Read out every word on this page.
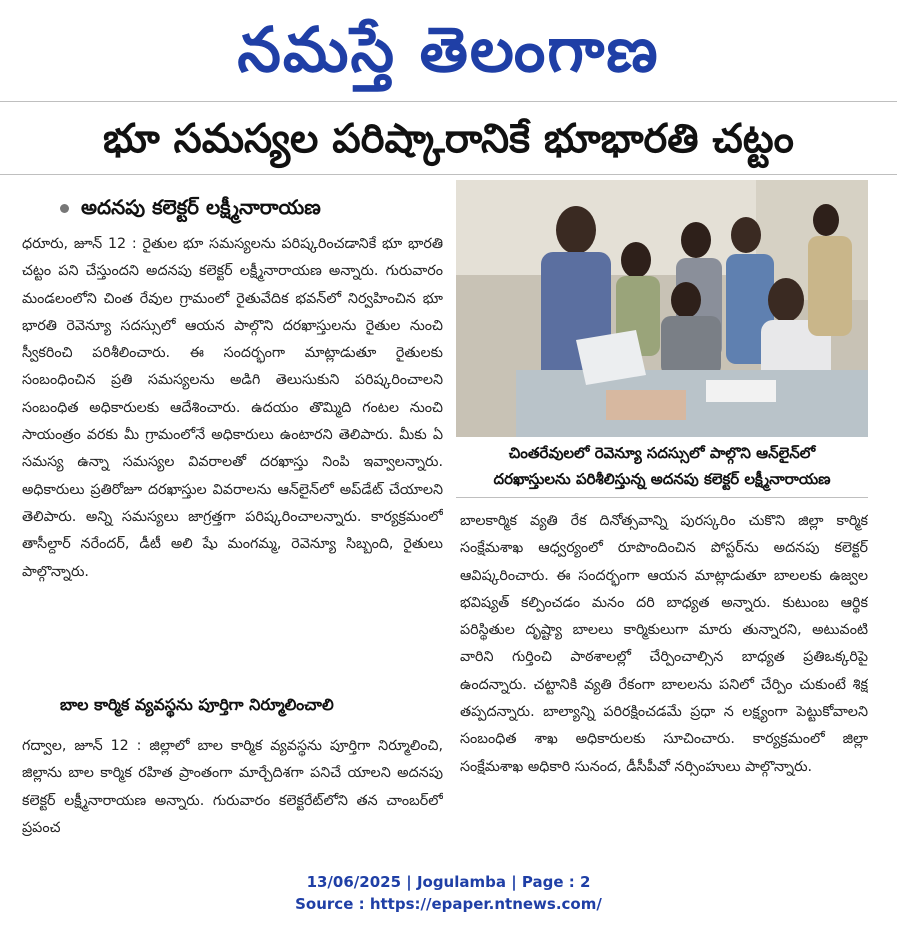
నమస్తే తెలంగాణ
భూ సమస్యల పరిష్కారానికే భూభారతి చట్టం
అదనపు కలెక్టర్ లక్ష్మీనారాయణ
ధరూరు, జూన్ 12 : రైతుల భూ సమస్యలను పరిష్కరించడానికే భూ భారతి చట్టం పని చేస్తుందని అదనపు కలెక్టర్ లక్ష్మీనారాయణ అన్నారు. గురువారం మండలంలోని చింత రేవుల గ్రామంలో రైతువేదిక భవన్‌లో నిర్వహించిన భూ భారతి రెవెన్యూ సదస్సులో ఆయన పాల్గొని దరఖాస్తులను రైతుల నుంచి స్వీకరించి పరిశీలించారు. ఈ సందర్భంగా మాట్లాడుతూ రైతులకు సంబంధించిన ప్రతి సమస్యలను అడిగి తెలుసుకుని పరిష్కరించాలని సంబంధిత అధికారులకు ఆదేశించారు. ఉదయం తొమ్మిది గంటల నుంచి సాయంత్రం వరకు మీ గ్రామంలోనే అధికారులు ఉంటారని తెలిపారు. మీకు ఏ సమస్య ఉన్నా సమస్యల వివరాలతో దరఖాస్తు నింపి ఇవ్వాలన్నారు. అధికారులు ప్రతిరోజూ దరఖాస్తుల వివరాలను ఆన్‌లైన్‌లో అప్‌డేట్ చేయాలని తెలిపారు. అన్ని సమస్యలు జాగ్రత్తగా పరిష్కరించాలన్నారు. కార్యక్రమంలో తాసీల్దార్ నరేందర్, డీటీ అలి షేు మంగమ్మ, రెవెన్యూ సిబ్బంది, రైతులు పాల్గొన్నారు.
బాల కార్మిక వ్యవస్థను పూర్తిగా నిర్మూలించాలి
గద్వాల, జూన్ 12 : జిల్లాలో బాల కార్మిక వ్యవస్థను పూర్తిగా నిర్మూలించి, జిల్లాను బాల కార్మిక రహిత ప్రాంతంగా మార్చేదిశగా పనిచే యాలని అదనపు కలెక్టర్ లక్ష్మీనారాయణ అన్నారు. గురువారం కలెక్టరేట్‌లోని తన చాంబర్‌లో ప్రపంచ
చింతరేవులలో రెవెన్యూ సదస్సులో పాల్గొని ఆన్‌లైన్‌లో
దరఖాస్తులను పరిశీలిస్తున్న అదనపు కలెక్టర్ లక్ష్మీనారాయణ
బాలకార్మిక వ్యతి రేక దినోత్సవాన్ని పురస్కరిం చుకొని జిల్లా కార్మిక సంక్షేమశాఖ ఆధ్వర్యంలో రూపొందించిన పోస్టర్‌ను అదనపు కలెక్టర్ ఆవిష్కరించారు. ఈ సందర్భంగా ఆయన మాట్లాడుతూ బాలలకు ఉజ్వల భవిష్యత్ కల్పించడం మనం దరి బాధ్యత అన్నారు. కుటుంబ ఆర్థిక పరిస్థితుల దృష్ట్యా బాలలు కార్మికులుగా మారు తున్నారని, అటువంటి వారిని గుర్తించి పాఠశాలల్లో చేర్పించాల్సిన బాధ్యత ప్రతిఒక్కరిపై ఉందన్నారు. చట్టానికి వ్యతి రేకంగా బాలలను పనిలో చేర్పిం చుకుంటే శిక్ష తప్పదన్నారు. బాల్యాన్ని పరిరక్షించడమే ప్రధా న లక్ష్యంగా పెట్టుకోవాలని సంబంధిత శాఖ అధికారులకు సూచించారు. కార్యక్రమంలో జిల్లా సంక్షేమశాఖ అధికారి సునంద, డీసీపీవో నర్సింహులు పాల్గొన్నారు.
13/06/2025 | Jogulamba | Page : 2
Source : https://epaper.ntnews.com/
